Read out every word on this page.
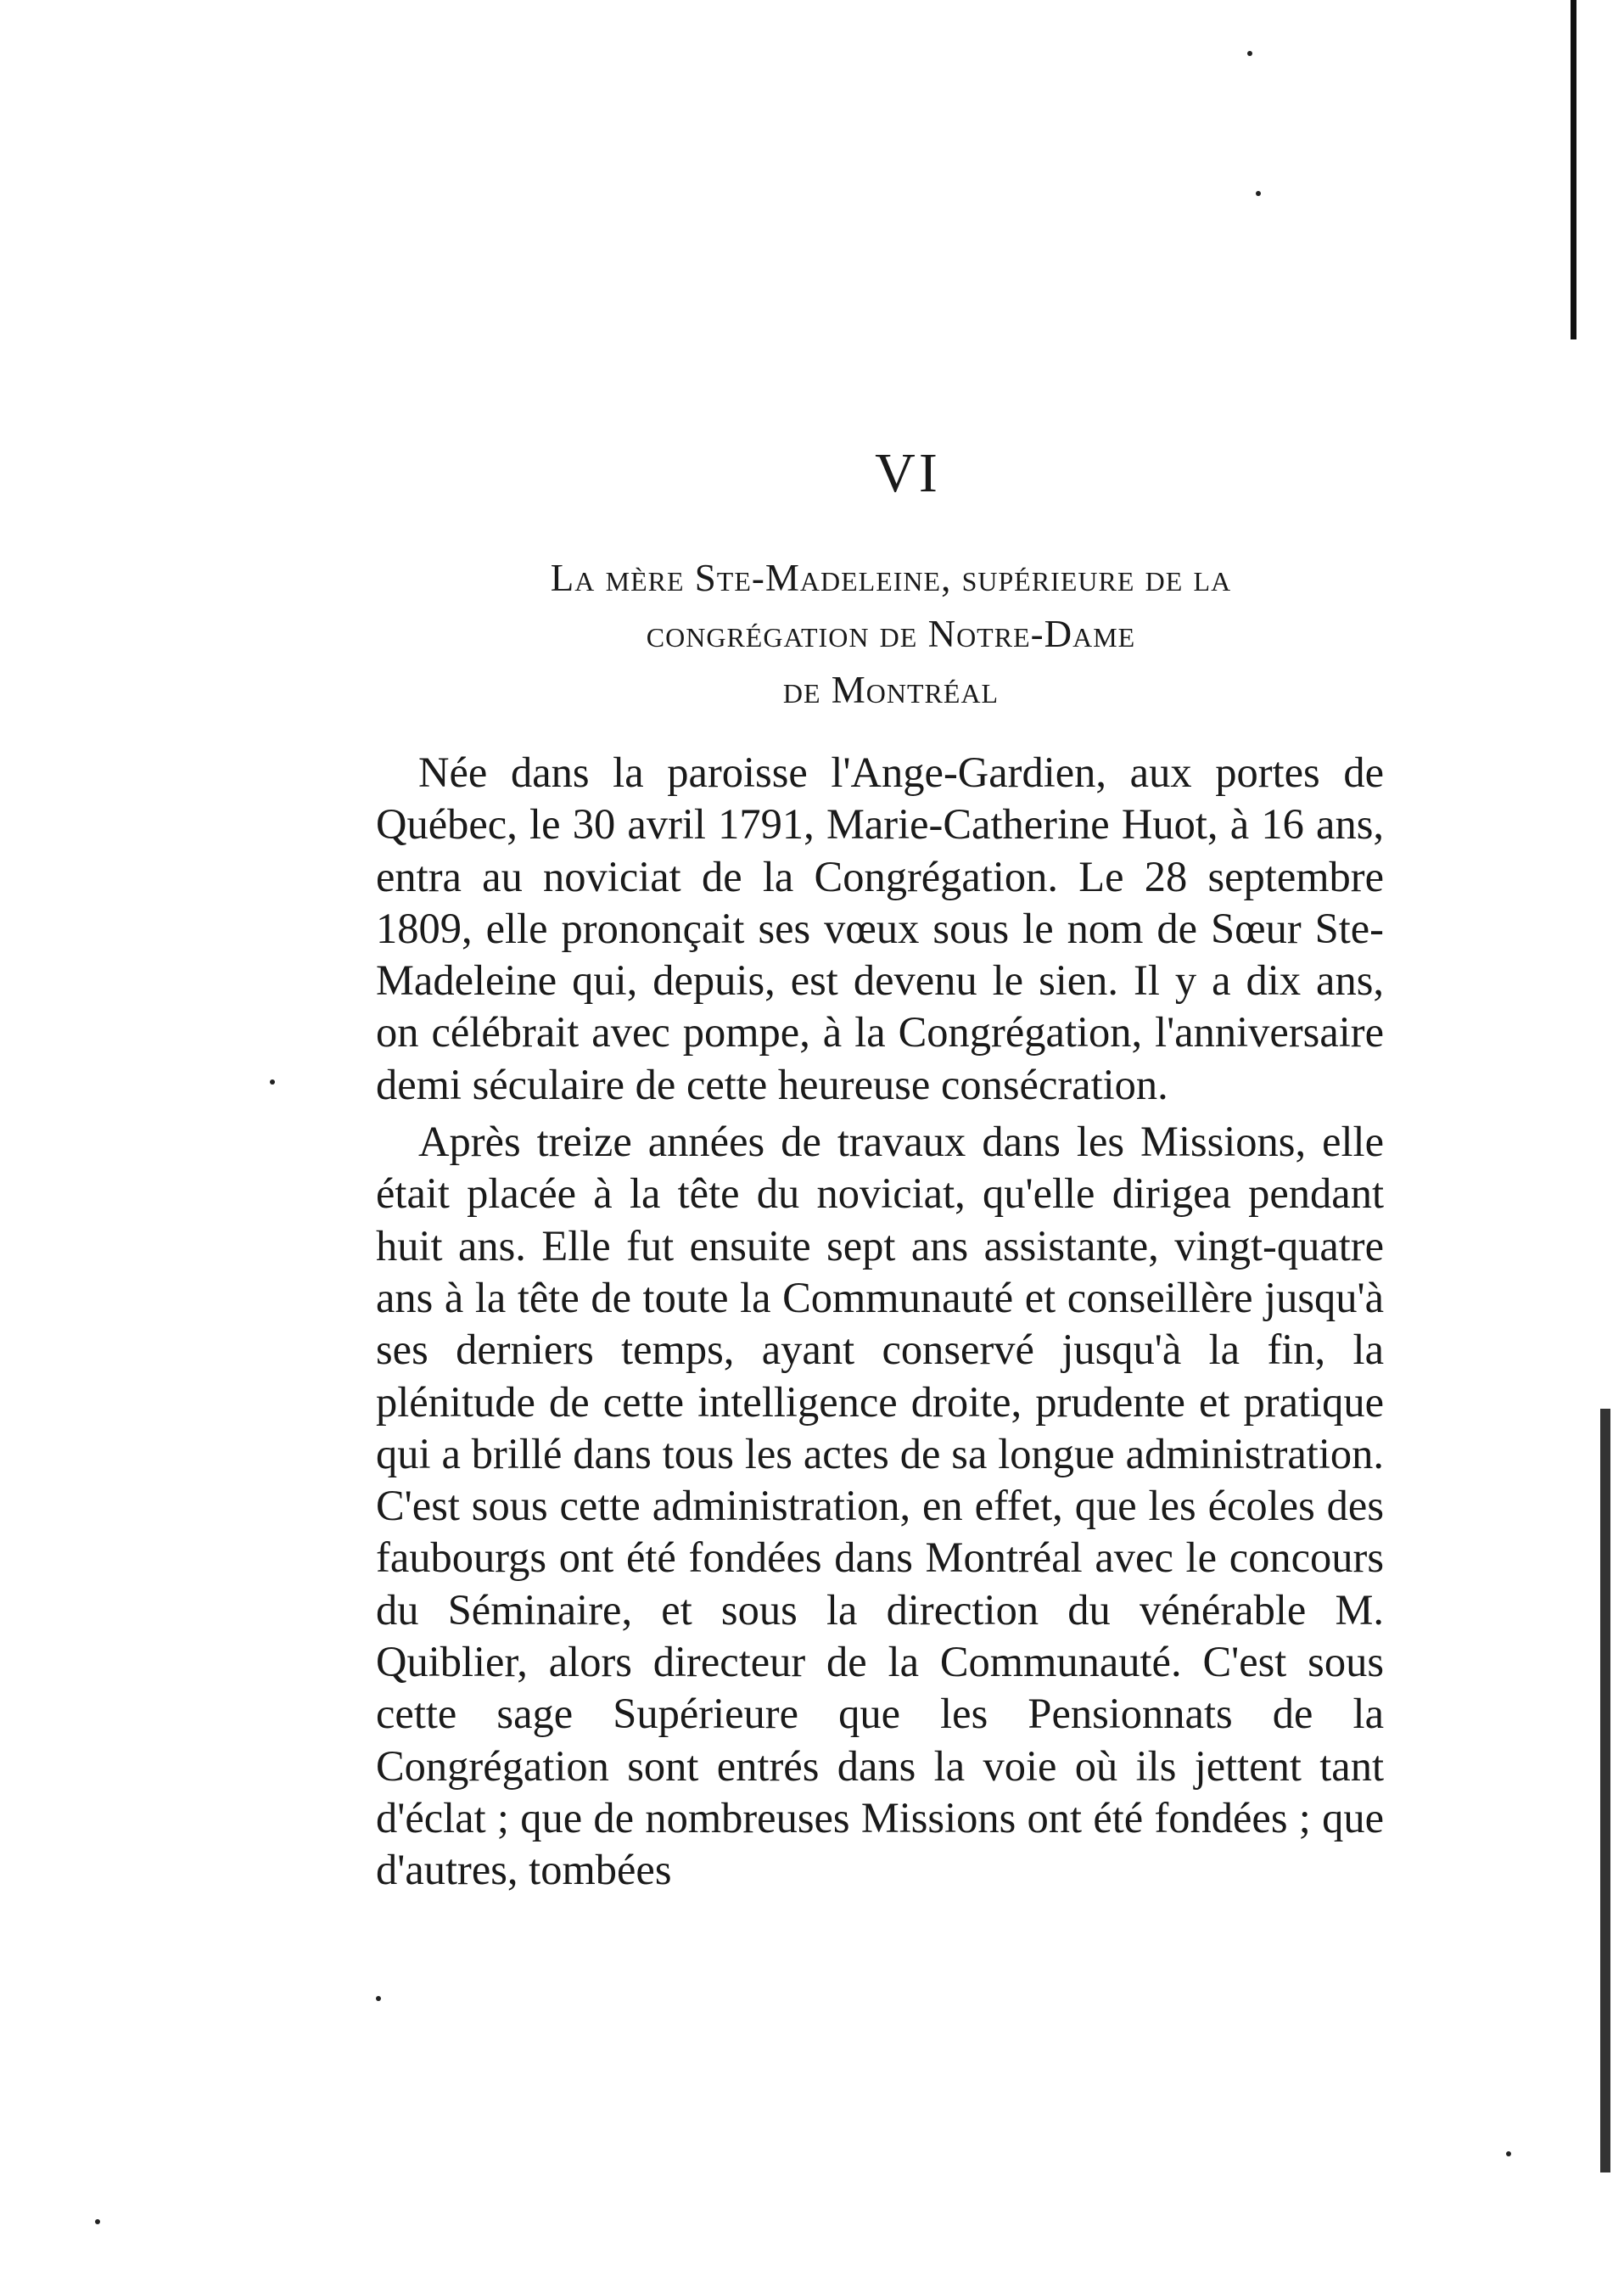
VI
La mère Ste-Madeleine, supérieure de la
congrégation de Notre-Dame
de Montréal

Née dans la paroisse l'Ange-Gardien, aux portes de Québec, le 30 avril 1791, Marie-Catherine Huot, à 16 ans, entra au noviciat de la Congrégation. Le 28 septembre 1809, elle prononçait ses vœux sous le nom de Sœur Ste-Madeleine qui, depuis, est devenu le sien. Il y a dix ans, on célébrait avec pompe, à la Congrégation, l'anniversaire demi séculaire de cette heureuse consécration.

Après treize années de travaux dans les Missions, elle était placée à la tête du noviciat, qu'elle dirigea pendant huit ans. Elle fut ensuite sept ans assistante, vingt-quatre ans à la tête de toute la Communauté et conseillère jusqu'à ses derniers temps, ayant conservé jusqu'à la fin, la plénitude de cette intelligence droite, prudente et pratique qui a brillé dans tous les actes de sa longue administration. C'est sous cette administration, en effet, que les écoles des faubourgs ont été fondées dans Montréal avec le concours du Séminaire, et sous la direction du vénérable M. Quiblier, alors directeur de la Communauté. C'est sous cette sage Supérieure que les Pensionnats de la Congrégation sont entrés dans la voie où ils jettent tant d'éclat ; que de nombreuses Missions ont été fondées ; que d'autres, tombées
